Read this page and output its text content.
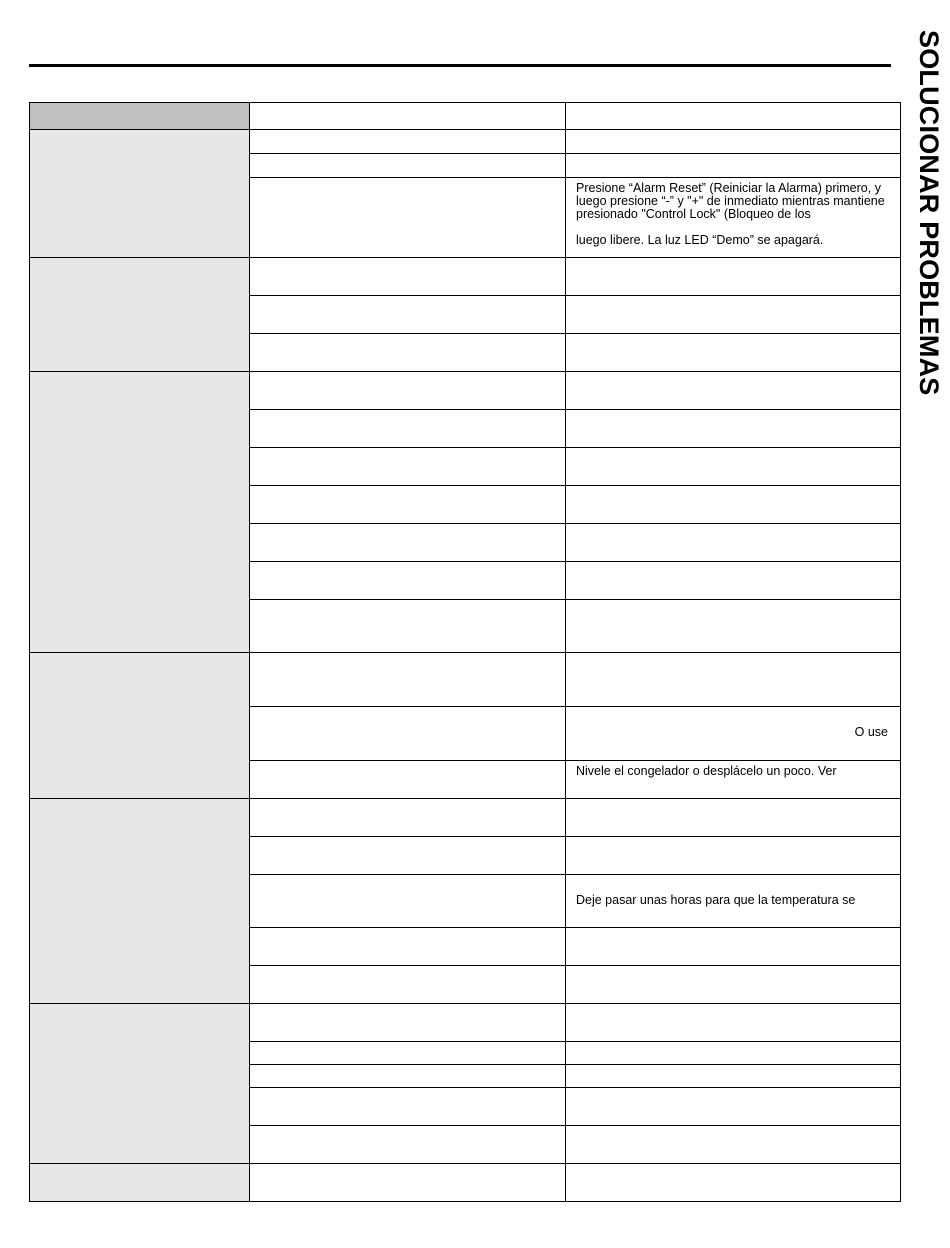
SOLUCIONAR PROBLEMAS

		Presione “Alarm Reset” (Reiniciar la Alarma) primero, y luego presione “-” y "+" de inmediato mientras mantiene presionado "Control Lock" (Bloqueo de los

luego libere. La luz LED “Demo” se apagará.

		O use

		Nivele el congelador o desplácelo un poco. Ver

		Deje pasar unas horas para que la temperatura se
